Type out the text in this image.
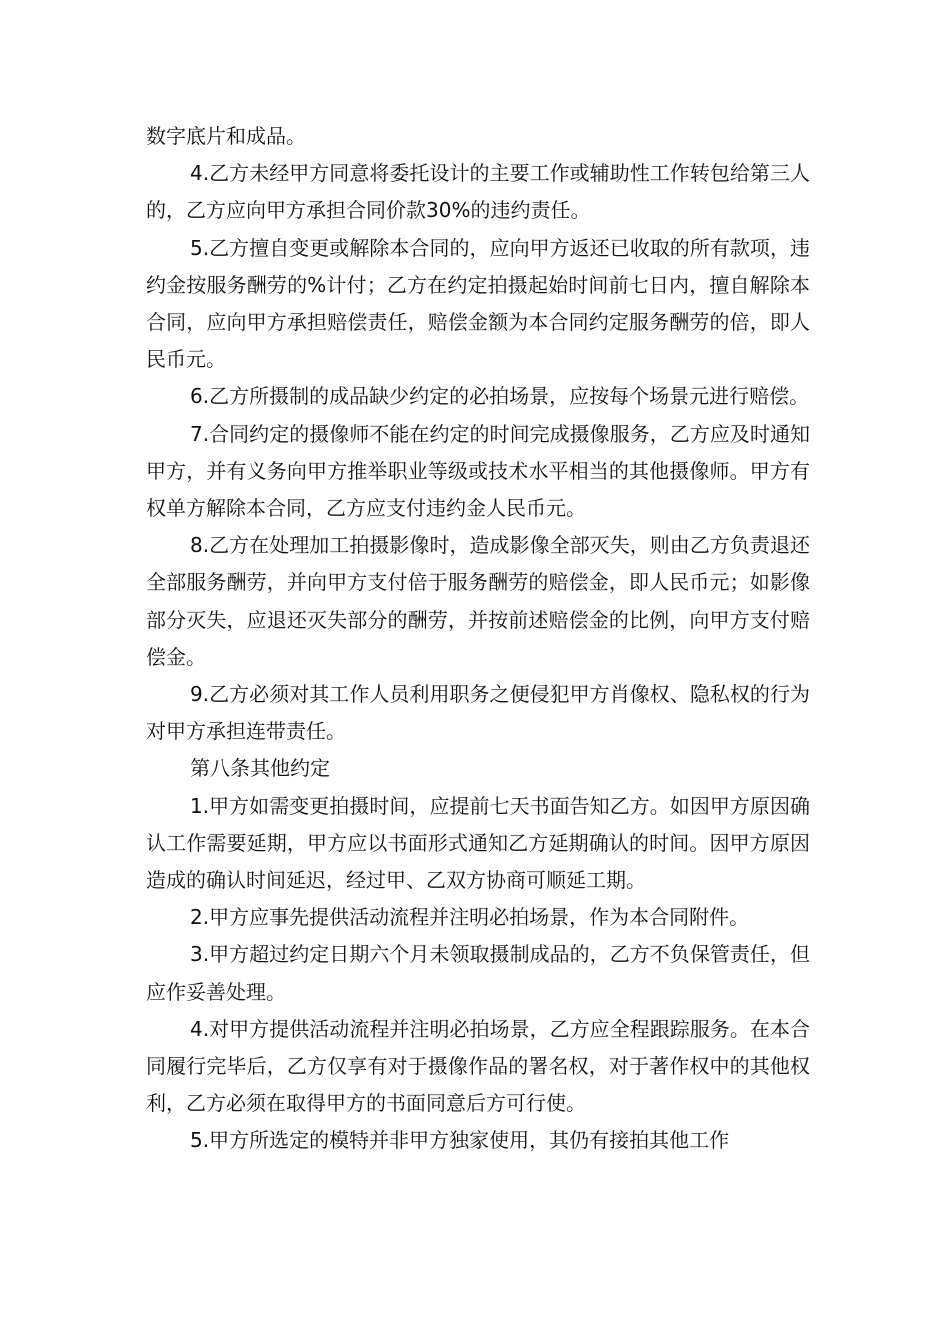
数字底片和成品。

4.乙方未经甲方同意将委托设计的主要工作或辅助性工作转包给第三人的，乙方应向甲方承担合同价款30%的违约责任。

5.乙方擅自变更或解除本合同的，应向甲方返还已收取的所有款项，违约金按服务酬劳的%计付；乙方在约定拍摄起始时间前七日内，擅自解除本合同，应向甲方承担赔偿责任，赔偿金额为本合同约定服务酬劳的倍，即人民币元。

6.乙方所摄制的成品缺少约定的必拍场景，应按每个场景元进行赔偿。

7.合同约定的摄像师不能在约定的时间完成摄像服务，乙方应及时通知甲方，并有义务向甲方推举职业等级或技术水平相当的其他摄像师。甲方有权单方解除本合同，乙方应支付违约金人民币元。

8.乙方在处理加工拍摄影像时，造成影像全部灭失，则由乙方负责退还全部服务酬劳，并向甲方支付倍于服务酬劳的赔偿金，即人民币元；如影像部分灭失，应退还灭失部分的酬劳，并按前述赔偿金的比例，向甲方支付赔偿金。

9.乙方必须对其工作人员利用职务之便侵犯甲方肖像权、隐私权的行为对甲方承担连带责任。

第八条其他约定

1.甲方如需变更拍摄时间，应提前七天书面告知乙方。如因甲方原因确认工作需要延期，甲方应以书面形式通知乙方延期确认的时间。因甲方原因造成的确认时间延迟，经过甲、乙双方协商可顺延工期。

2.甲方应事先提供活动流程并注明必拍场景，作为本合同附件。

3.甲方超过约定日期六个月未领取摄制成品的，乙方不负保管责任，但应作妥善处理。

4.对甲方提供活动流程并注明必拍场景，乙方应全程跟踪服务。在本合同履行完毕后，乙方仅享有对于摄像作品的署名权，对于著作权中的其他权利，乙方必须在取得甲方的书面同意后方可行使。

5.甲方所选定的模特并非甲方独家使用，其仍有接拍其他工作
